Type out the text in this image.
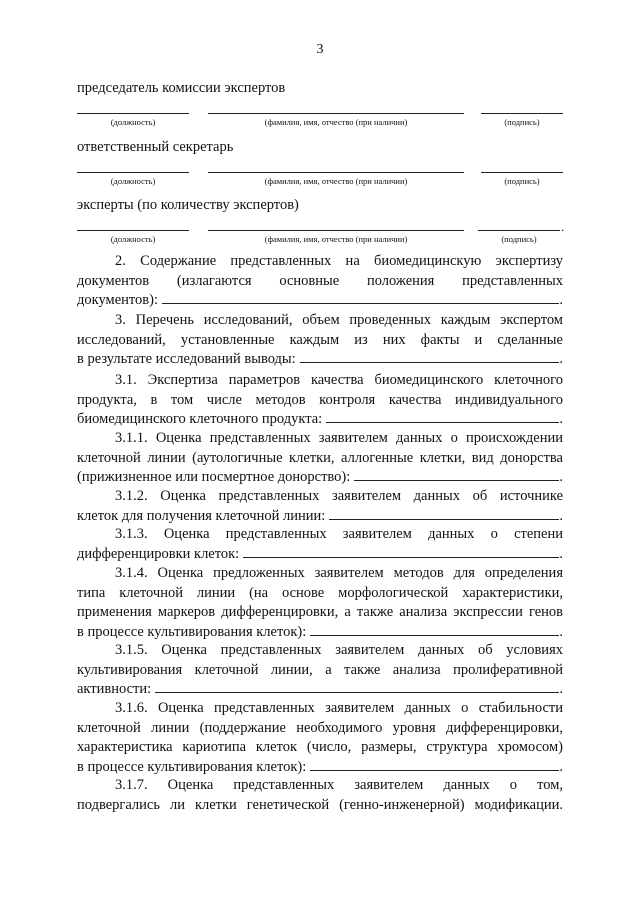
3
председатель комиссии экспертов
(должность)	(фамилия, имя, отчество (при наличии)	(подпись)
ответственный секретарь
(должность)	(фамилия, имя, отчество (при наличии)	(подпись)
эксперты (по количеству экспертов)
.
(должность)	(фамилия, имя, отчество (при наличии)	(подпись)
2. Содержание представленных на биомедицинскую экспертизу
документов (излагаются основные положения представленных
документов):	.
3. Перечень исследований, объем проведенных каждым экспертом
исследований, установленные каждым из них факты и сделанные
в результате исследований выводы:	.
3.1. Экспертиза параметров качества биомедицинского клеточного
продукта, в том числе методов контроля качества индивидуального
биомедицинского клеточного продукта:	.
3.1.1. Оценка представленных заявителем данных о происхождении
клеточной линии (аутологичные клетки, аллогенные клетки, вид донорства
(прижизненное или посмертное донорство):	.
3.1.2. Оценка представленных заявителем данных об источнике
клеток для получения клеточной линии:	.
3.1.3. Оценка представленных заявителем данных о степени
дифференцировки клеток:	.
3.1.4. Оценка предложенных заявителем методов для определения
типа клеточной линии (на основе морфологической характеристики,
применения маркеров дифференцировки, а также анализа экспрессии генов
в процессе культивирования клеток):	.
3.1.5. Оценка представленных заявителем данных об условиях
культивирования клеточной линии, а также анализа пролиферативной
активности:	.
3.1.6. Оценка представленных заявителем данных о стабильности
клеточной линии (поддержание необходимого уровня дифференцировки,
характеристика кариотипа клеток (число, размеры, структура хромосом)
в процессе культивирования клеток):	.
3.1.7. Оценка представленных заявителем данных о том,
подвергались ли клетки генетической (генно-инженерной) модификации.
